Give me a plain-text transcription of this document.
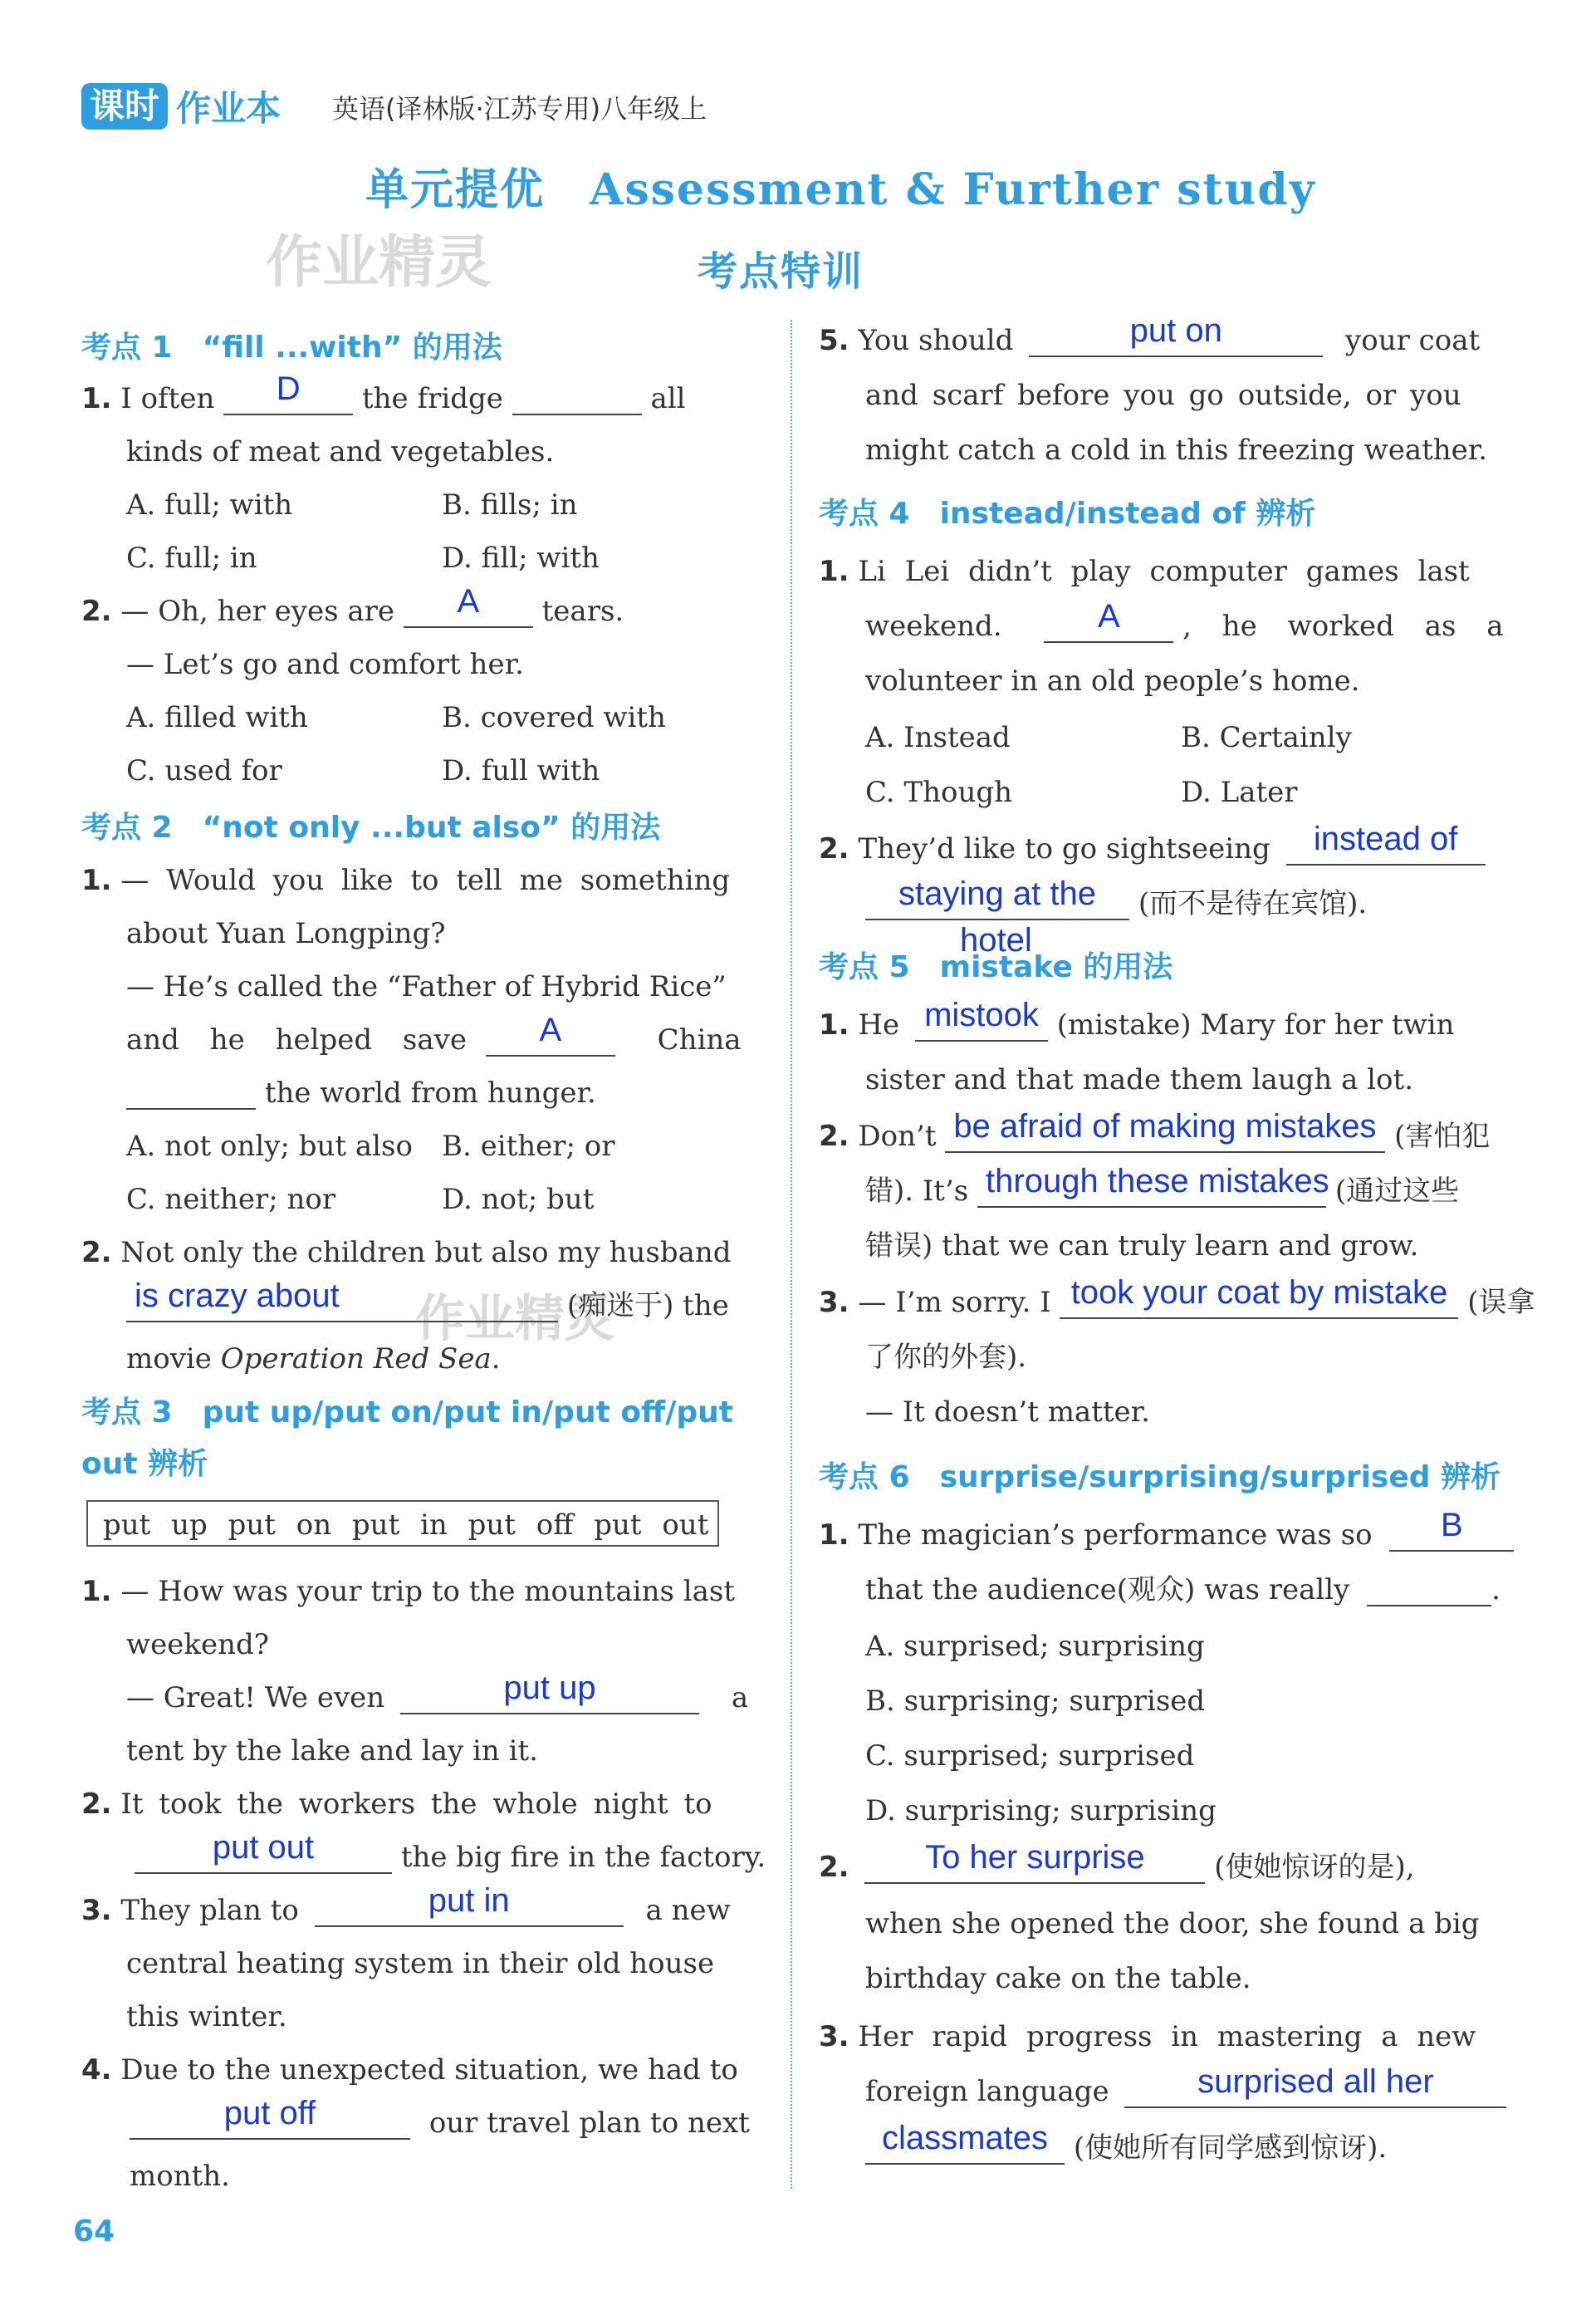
课时 作业本 英语(译林版·江苏专用)八年级上
单元提优　Assessment & Further study
考点特训
作业精灵
作业精灵
考点 1　“fill ...with” 的用法
1. I often	D	the fridge	all
kinds of meat and vegetables.
A. full; with	B. fills; in
C. full; in	D. fill; with
2. — Oh, her eyes are	A	tears.
— Let’s go and comfort her.
A. filled with	B. covered with
C. used for	D. full with
考点 2　“not only ...but also” 的用法
1. — Would you like to tell me something
about Yuan Longping?
— He’s called the “Father of Hybrid Rice”
and he helped save	A	China
the world from hunger.
A. not only; but also B. either; or
C. neither; nor	D. not; but
2. Not only the children but also my husband
is crazy about	(痴迷于) the
movie Operation Red Sea.
考点 3　put up/put on/put in/put off/put
out 辨析
put up put on put in put off put out
1. — How was your trip to the mountains last
weekend?
— Great! We even	put up	a
tent by the lake and lay in it.
2. It took the workers the whole night to
put out	the big fire in the factory.
3. They plan to	put in	a new
central heating system in their old house
this winter.
4. Due to the unexpected situation, we had to
put off	our travel plan to next
month.
5. You should	put on	your coat
and scarf before you go outside, or you
might catch a cold in this freezing weather.
考点 4　instead/instead of 辨析
1. Li Lei didn’t play computer games last
weekend.	A	, he worked as a
volunteer in an old people’s home.
A. Instead	B. Certainly
C. Though	D. Later
2. They’d like to go sightseeing	instead of
staying at the	(而不是待在宾馆).
hotel
考点 5　mistake 的用法
1. He mistook (mistake) Mary for her twin
sister and that made them laugh a lot.
2. Don’t be afraid of making mistakes (害怕犯
错). It’s through these mistakes (通过这些
错误) that we can truly learn and grow.
3. — I’m sorry. I took your coat by mistake (误拿
了你的外套).
— It doesn’t matter.
考点 6　surprise/surprising/surprised 辨析
1. The magician’s performance was so	B
that the audience(观众) was really	.
A. surprised; surprising
B. surprising; surprised
C. surprised; surprised
D. surprising; surprising
2.	To her surprise	(使她惊讶的是),
when she opened the door, she found a big
birthday cake on the table.
3. Her rapid progress in mastering a new
foreign language	surprised all her
classmates (使她所有同学感到惊讶).
64
